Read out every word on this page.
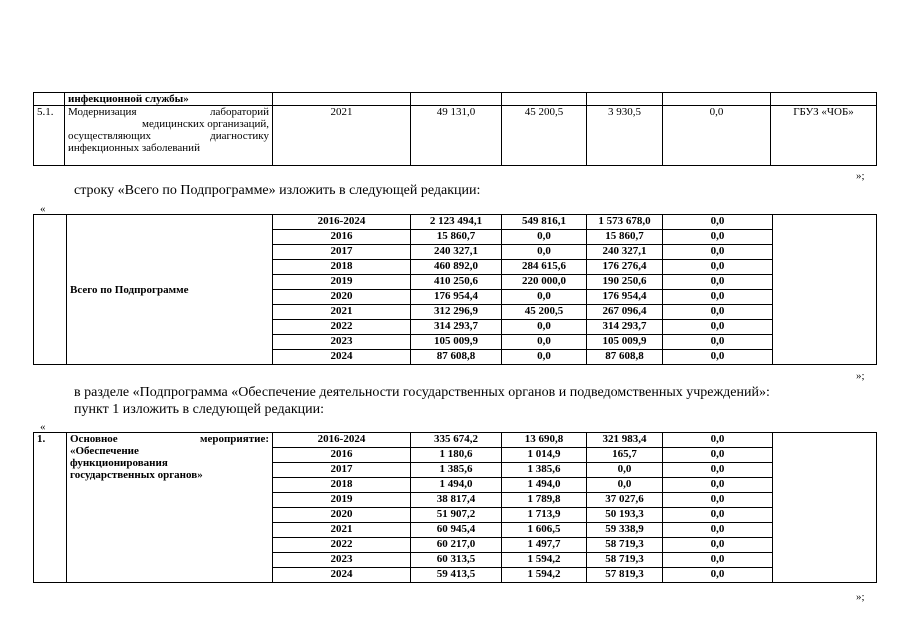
	инфекционной службы»						
5.1.	Модернизация лабораторий
медицинских организаций,
осуществляющих диагностику
инфекционных заболеваний	2021	49 131,0	45 200,5	3 930,5	0,0	ГБУЗ «ЧОБ»
»;
строку «Всего по Подпрограмме» изложить в следующей редакции:
«
	Всего по Подпрограмме	2016-2024	2 123 494,1	549 816,1	1 573 678,0	0,0	
		2016	15 860,7	0,0	15 860,7	0,0	
		2017	240 327,1	0,0	240 327,1	0,0	
		2018	460 892,0	284 615,6	176 276,4	0,0	
		2019	410 250,6	220 000,0	190 250,6	0,0	
		2020	176 954,4	0,0	176 954,4	0,0	
		2021	312 296,9	45 200,5	267 096,4	0,0	
		2022	314 293,7	0,0	314 293,7	0,0	
		2023	105 009,9	0,0	105 009,9	0,0	
		2024	87 608,8	0,0	87 608,8	0,0	
»;
в разделе «Подпрограмма «Обеспечение деятельности государственных органов и подведомственных учреждений»:
пункт 1 изложить в следующей редакции:
«
1.	Основное мероприятие:
«Обеспечение
функционирования
государственных органов»	2016-2024	335 674,2	13 690,8	321 983,4	0,0	
		2016	1 180,6	1 014,9	165,7	0,0	
		2017	1 385,6	1 385,6	0,0	0,0	
		2018	1 494,0	1 494,0	0,0	0,0	
		2019	38 817,4	1 789,8	37 027,6	0,0	
		2020	51 907,2	1 713,9	50 193,3	0,0	
		2021	60 945,4	1 606,5	59 338,9	0,0	
		2022	60 217,0	1 497,7	58 719,3	0,0	
		2023	60 313,5	1 594,2	58 719,3	0,0	
		2024	59 413,5	1 594,2	57 819,3	0,0	
»;
